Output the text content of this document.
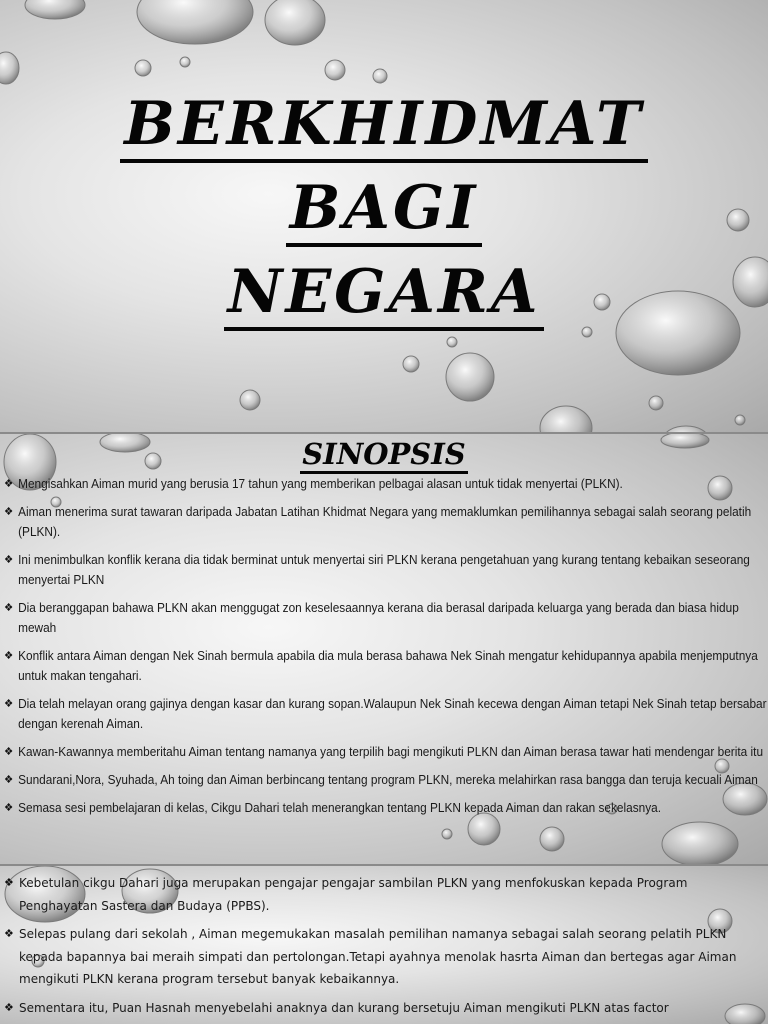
BERKHIDMAT
BAGI
NEGARA
SINOPSIS
❖ Mengisahkan Aiman murid yang berusia 17 tahun yang memberikan pelbagai alasan untuk tidak menyertai (PLKN).
❖ Aiman menerima surat tawaran daripada Jabatan Latihan Khidmat Negara yang memaklumkan pemilihannya sebagai salah seorang pelatih (PLKN).
❖ Ini menimbulkan konflik kerana dia tidak berminat untuk menyertai siri PLKN kerana pengetahuan yang kurang tentang kebaikan seseorang menyertai PLKN
❖ Dia beranggapan bahawa PLKN akan menggugat zon keselesaannya kerana dia berasal daripada keluarga yang berada dan biasa hidup mewah
❖ Konflik antara Aiman dengan Nek Sinah bermula apabila dia mula berasa bahawa Nek Sinah mengatur kehidupannya apabila menjemputnya untuk makan tengahari.
❖ Dia telah melayan orang gajinya dengan kasar dan kurang sopan.Walaupun Nek Sinah kecewa dengan Aiman tetapi Nek Sinah tetap bersabar dengan kerenah Aiman.
❖ Kawan-Kawannya memberitahu Aiman tentang namanya yang terpilih bagi mengikuti PLKN dan Aiman berasa tawar hati mendengar berita itu
❖ Sundarani,Nora, Syuhada, Ah toing dan Aiman berbincang tentang program PLKN, mereka melahirkan rasa bangga dan teruja kecuali Aiman
❖ Semasa sesi pembelajaran di kelas, Cikgu Dahari telah menerangkan tentang PLKN kepada Aiman dan rakan sekelasnya.
❖ Kebetulan cikgu Dahari juga merupakan pengajar pengajar sambilan PLKN yang menfokuskan kepada Program Penghayatan Sastera dan Budaya (PPBS).
❖ Selepas pulang dari sekolah , Aiman megemukakan masalah pemilihan namanya sebagai salah seorang pelatih PLKN kepada bapannya bai meraih simpati dan pertolongan.Tetapi ayahnya menolak hasrta Aiman dan bertegas agar Aiman mengikuti PLKN kerana program tersebut banyak kebaikannya.
❖ Sementara itu, Puan Hasnah menyebelahi anaknya dan kurang bersetuju Aiman mengikuti PLKN atas factor
